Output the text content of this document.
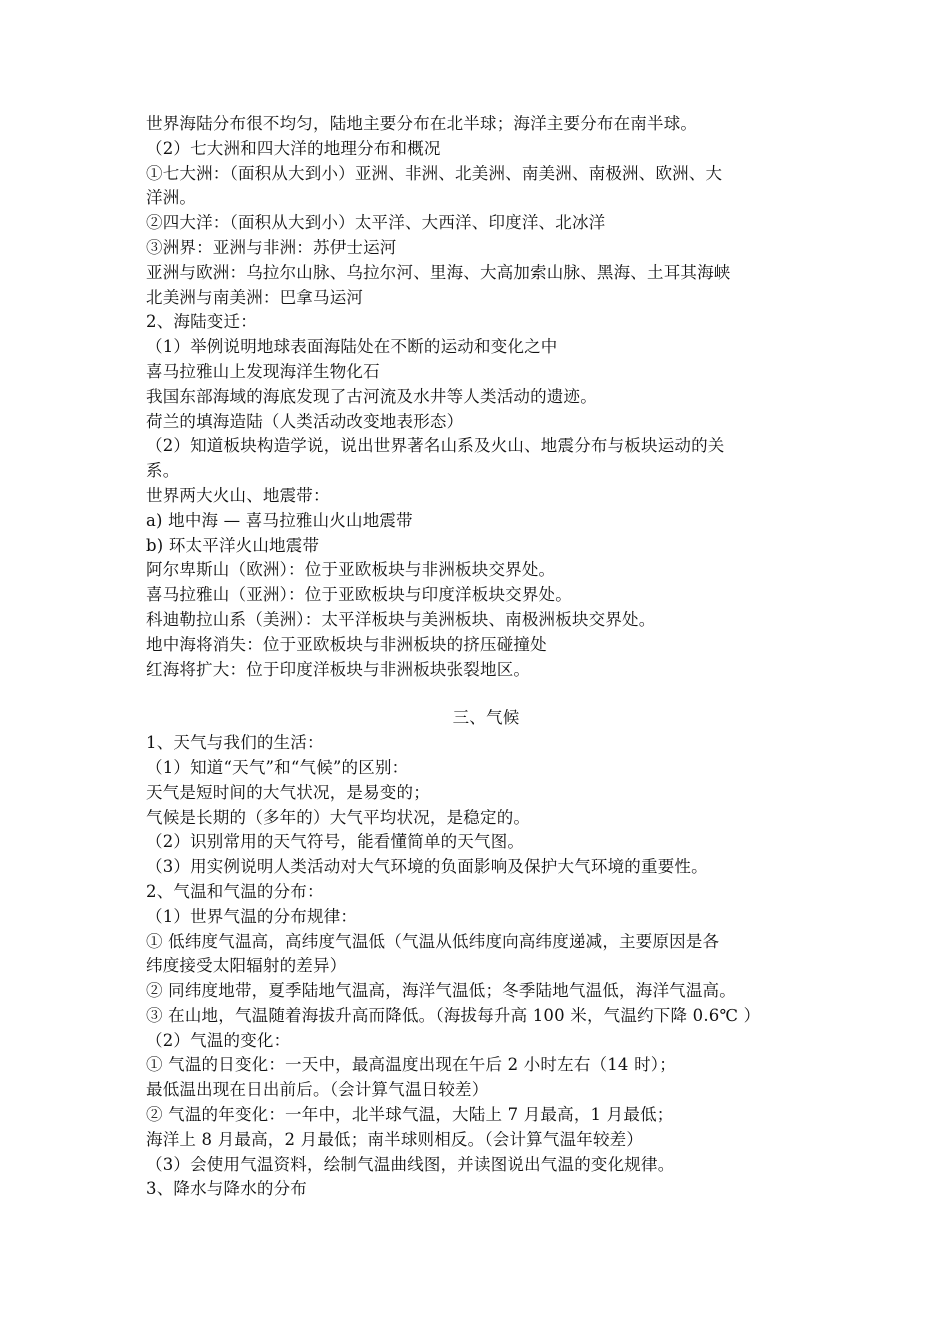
世界海陆分布很不均匀，陆地主要分布在北半球；海洋主要分布在南半球。
（2）七大洲和四大洋的地理分布和概况
①七大洲：（面积从大到小）亚洲、非洲、北美洲、南美洲、南极洲、欧洲、大
洋洲。
②四大洋：（面积从大到小）太平洋、大西洋、印度洋、北冰洋
③洲界：亚洲与非洲：苏伊士运河
亚洲与欧洲：乌拉尔山脉、乌拉尔河、里海、大高加索山脉、黑海、土耳其海峡
北美洲与南美洲：巴拿马运河
2、海陆变迁：
（1）举例说明地球表面海陆处在不断的运动和变化之中
喜马拉雅山上发现海洋生物化石
我国东部海域的海底发现了古河流及水井等人类活动的遗迹。
荷兰的填海造陆（人类活动改变地表形态）
（2）知道板块构造学说，说出世界著名山系及火山、地震分布与板块运动的关
系。
世界两大火山、地震带：
a) 地中海 — 喜马拉雅山火山地震带
b) 环太平洋火山地震带
阿尔卑斯山（欧洲）：位于亚欧板块与非洲板块交界处。
喜马拉雅山（亚洲）：位于亚欧板块与印度洋板块交界处。
科迪勒拉山系（美洲）：太平洋板块与美洲板块、南极洲板块交界处。
地中海将消失：位于亚欧板块与非洲板块的挤压碰撞处
红海将扩大：位于印度洋板块与非洲板块张裂地区。
三、气候
1、天气与我们的生活：
（1）知道“天气”和“气候”的区别：
天气是短时间的大气状况，是易变的；
气候是长期的（多年的）大气平均状况，是稳定的。
（2）识别常用的天气符号，能看懂简单的天气图。
（3）用实例说明人类活动对大气环境的负面影响及保护大气环境的重要性。
2、气温和气温的分布：
（1）世界气温的分布规律：
① 低纬度气温高，高纬度气温低（气温从低纬度向高纬度递减，主要原因是各
纬度接受太阳辐射的差异）
② 同纬度地带，夏季陆地气温高，海洋气温低；冬季陆地气温低，海洋气温高。
③ 在山地，气温随着海拔升高而降低。（海拔每升高 100 米，气温约下降 0.6℃ ）
（2）气温的变化：
① 气温的日变化：一天中，最高温度出现在午后 2 小时左右（14 时）；
最低温出现在日出前后。（会计算气温日较差）
② 气温的年变化：一年中，北半球气温，大陆上 7 月最高，1 月最低；
海洋上 8 月最高，2 月最低；南半球则相反。（会计算气温年较差）
（3）会使用气温资料，绘制气温曲线图，并读图说出气温的变化规律。
3、降水与降水的分布
